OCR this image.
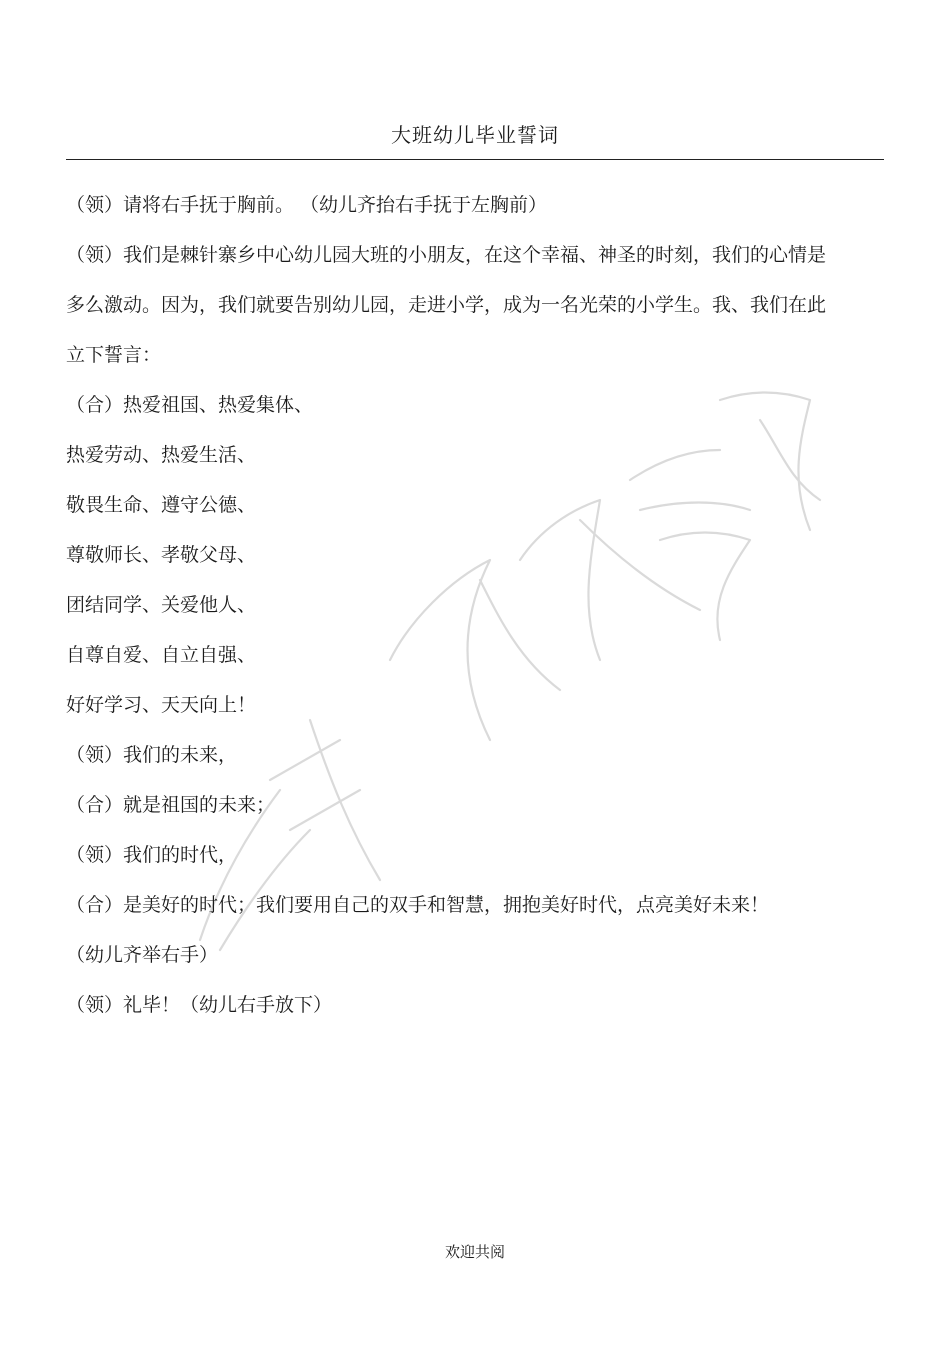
大班幼儿毕业誓词
（领）请将右手抚于胸前。 （幼儿齐抬右手抚于左胸前）
（领）我们是棘针寨乡中心幼儿园大班的小朋友，在这个幸福、神圣的时刻，我们的心情是多么激动。因为，我们就要告别幼儿园，走进小学，成为一名光荣的小学生。我、我们在此立下誓言：
（合）热爱祖国、热爱集体、
热爱劳动、热爱生活、
敬畏生命、遵守公德、
尊敬师长、孝敬父母、
团结同学、关爱他人、
自尊自爱、自立自强、
好好学习、天天向上！
（领）我们的未来，
（合）就是祖国的未来；
（领）我们的时代，
（合）是美好的时代；我们要用自己的双手和智慧，拥抱美好时代，点亮美好未来！
（幼儿齐举右手）
（领）礼毕！（幼儿右手放下）
欢迎共阅
